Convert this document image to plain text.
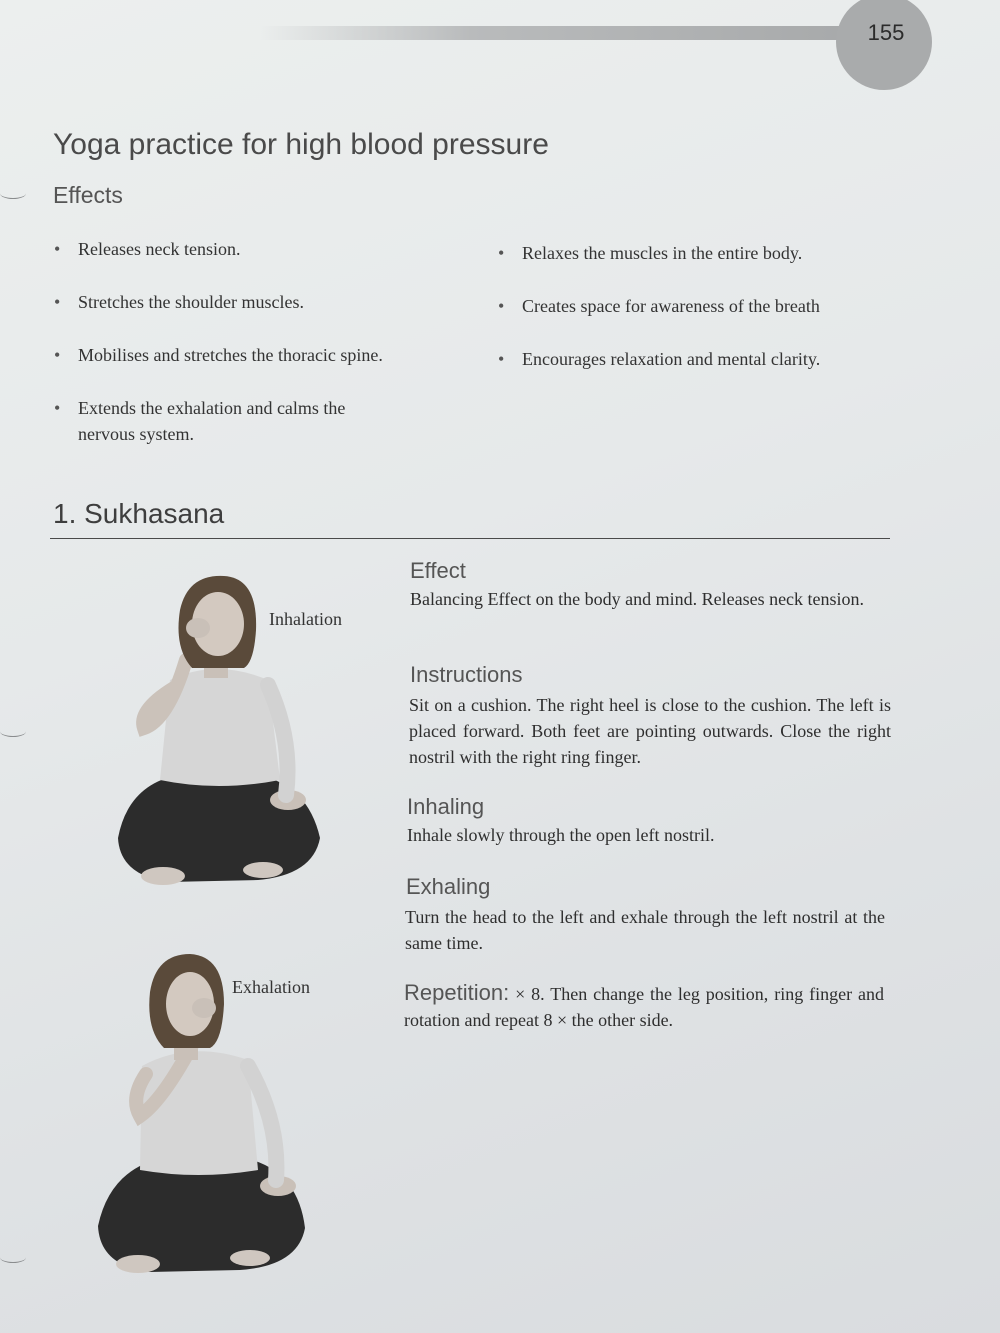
155
Yoga practice for high blood pressure
Effects
• Releases neck tension.
• Stretches the shoulder muscles.
• Mobilises and stretches the thoracic spine.
• Extends the exhalation and calms the nervous system.
• Relaxes the muscles in the entire body.
• Creates space for awareness of the breath
• Encourages relaxation and mental clarity.
1. Sukhasana
Inhalation
Exhalation
Effect

Balancing Effect on the body and mind. Releases neck tension.

Instructions

Sit on a cushion. The right heel is close to the cushion. The left is placed forward. Both feet are pointing outwards. Close the right nostril with the right ring finger.

Inhaling

Inhale slowly through the open left nostril.

Exhaling

Turn the head to the left and exhale through the left nostril at the same time.

Repetition: × 8. Then change the leg position, ring finger and rotation and repeat 8 × the other side.
